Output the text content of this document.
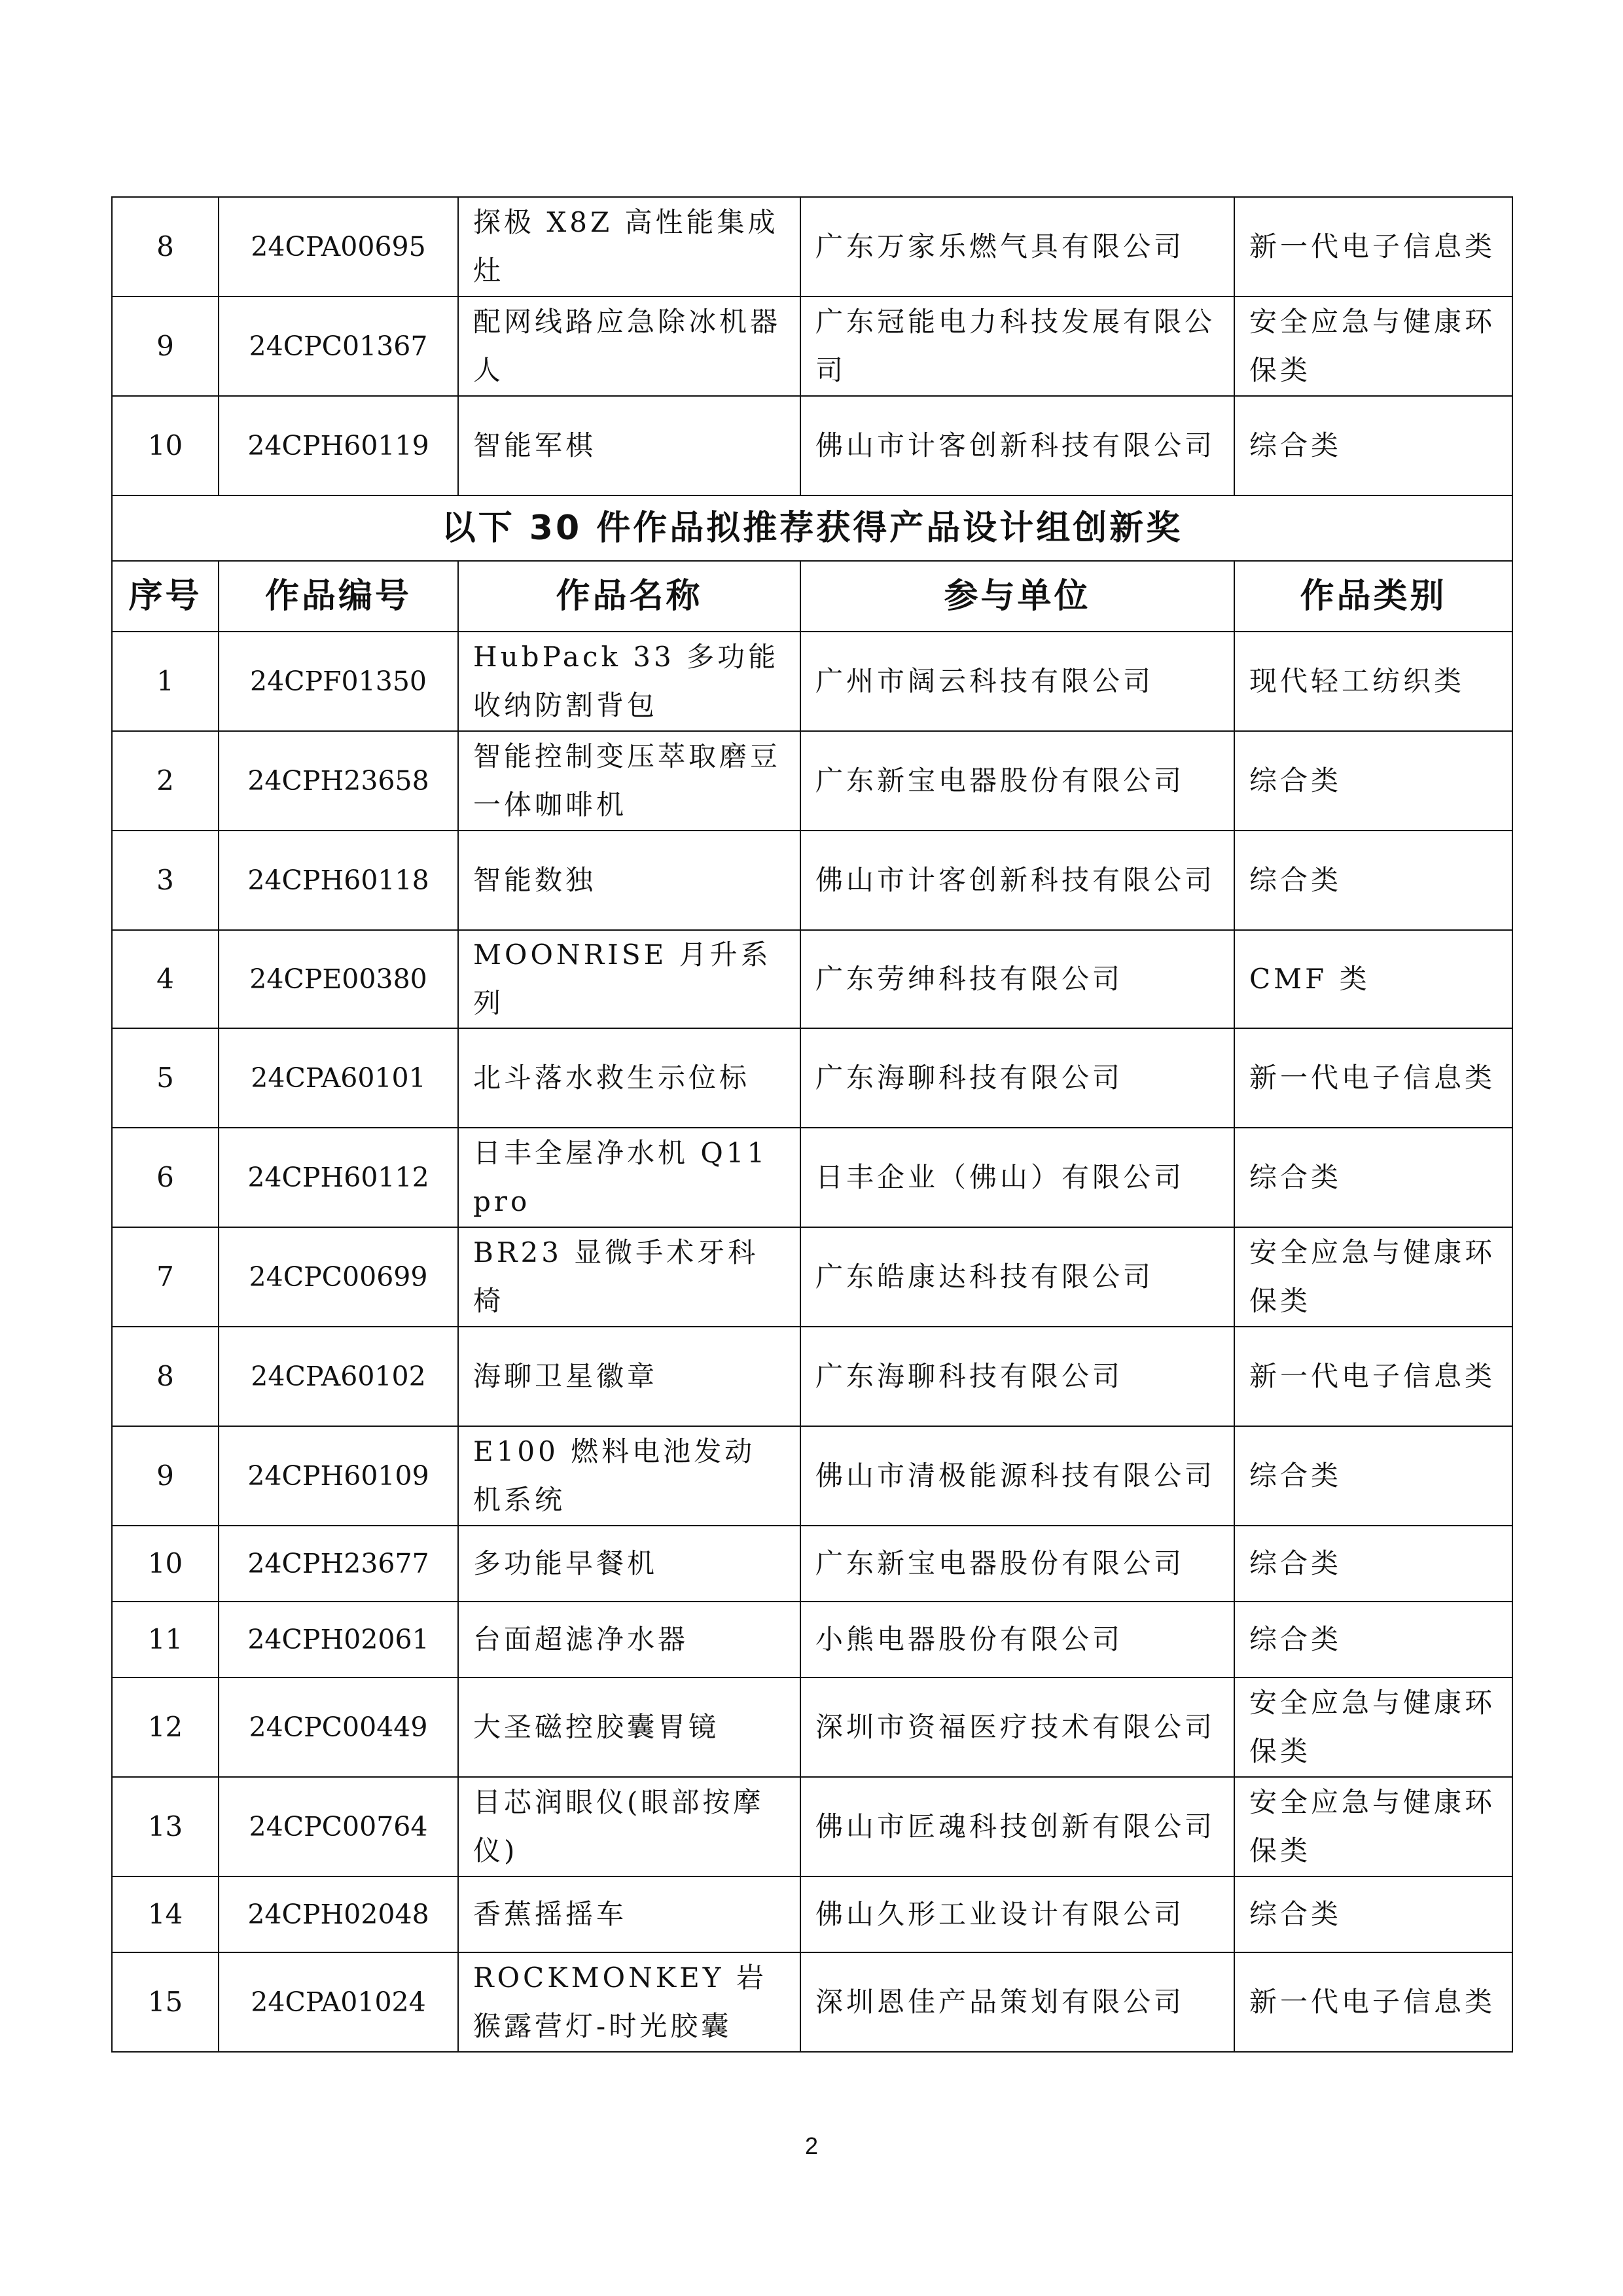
8	24CPA00695	探极 X8Z 高性能集成灶	广东万家乐燃气具有限公司	新一代电子信息类
9	24CPC01367	配网线路应急除冰机器人	广东冠能电力科技发展有限公司	安全应急与健康环保类
10	24CPH60119	智能军棋	佛山市计客创新科技有限公司	综合类
以下 30 件作品拟推荐获得产品设计组创新奖				
序号	作品编号	作品名称	参与单位	作品类别
1	24CPF01350	HubPack 33 多功能收纳防割背包	广州市阔云科技有限公司	现代轻工纺织类
2	24CPH23658	智能控制变压萃取磨豆一体咖啡机	广东新宝电器股份有限公司	综合类
3	24CPH60118	智能数独	佛山市计客创新科技有限公司	综合类
4	24CPE00380	MOONRISE 月升系列	广东劳绅科技有限公司	CMF 类
5	24CPA60101	北斗落水救生示位标	广东海聊科技有限公司	新一代电子信息类
6	24CPH60112	日丰全屋净水机 Q11pro	日丰企业（佛山）有限公司	综合类
7	24CPC00699	BR23 显微手术牙科椅	广东皓康达科技有限公司	安全应急与健康环保类
8	24CPA60102	海聊卫星徽章	广东海聊科技有限公司	新一代电子信息类
9	24CPH60109	E100 燃料电池发动机系统	佛山市清极能源科技有限公司	综合类
10	24CPH23677	多功能早餐机	广东新宝电器股份有限公司	综合类
11	24CPH02061	台面超滤净水器	小熊电器股份有限公司	综合类
12	24CPC00449	大圣磁控胶囊胃镜	深圳市资福医疗技术有限公司	安全应急与健康环保类
13	24CPC00764	目芯润眼仪(眼部按摩仪)	佛山市匠魂科技创新有限公司	安全应急与健康环保类
14	24CPH02048	香蕉摇摇车	佛山久形工业设计有限公司	综合类
15	24CPA01024	ROCKMONKEY 岩猴露营灯-时光胶囊	深圳恩佳产品策划有限公司	新一代电子信息类
2
